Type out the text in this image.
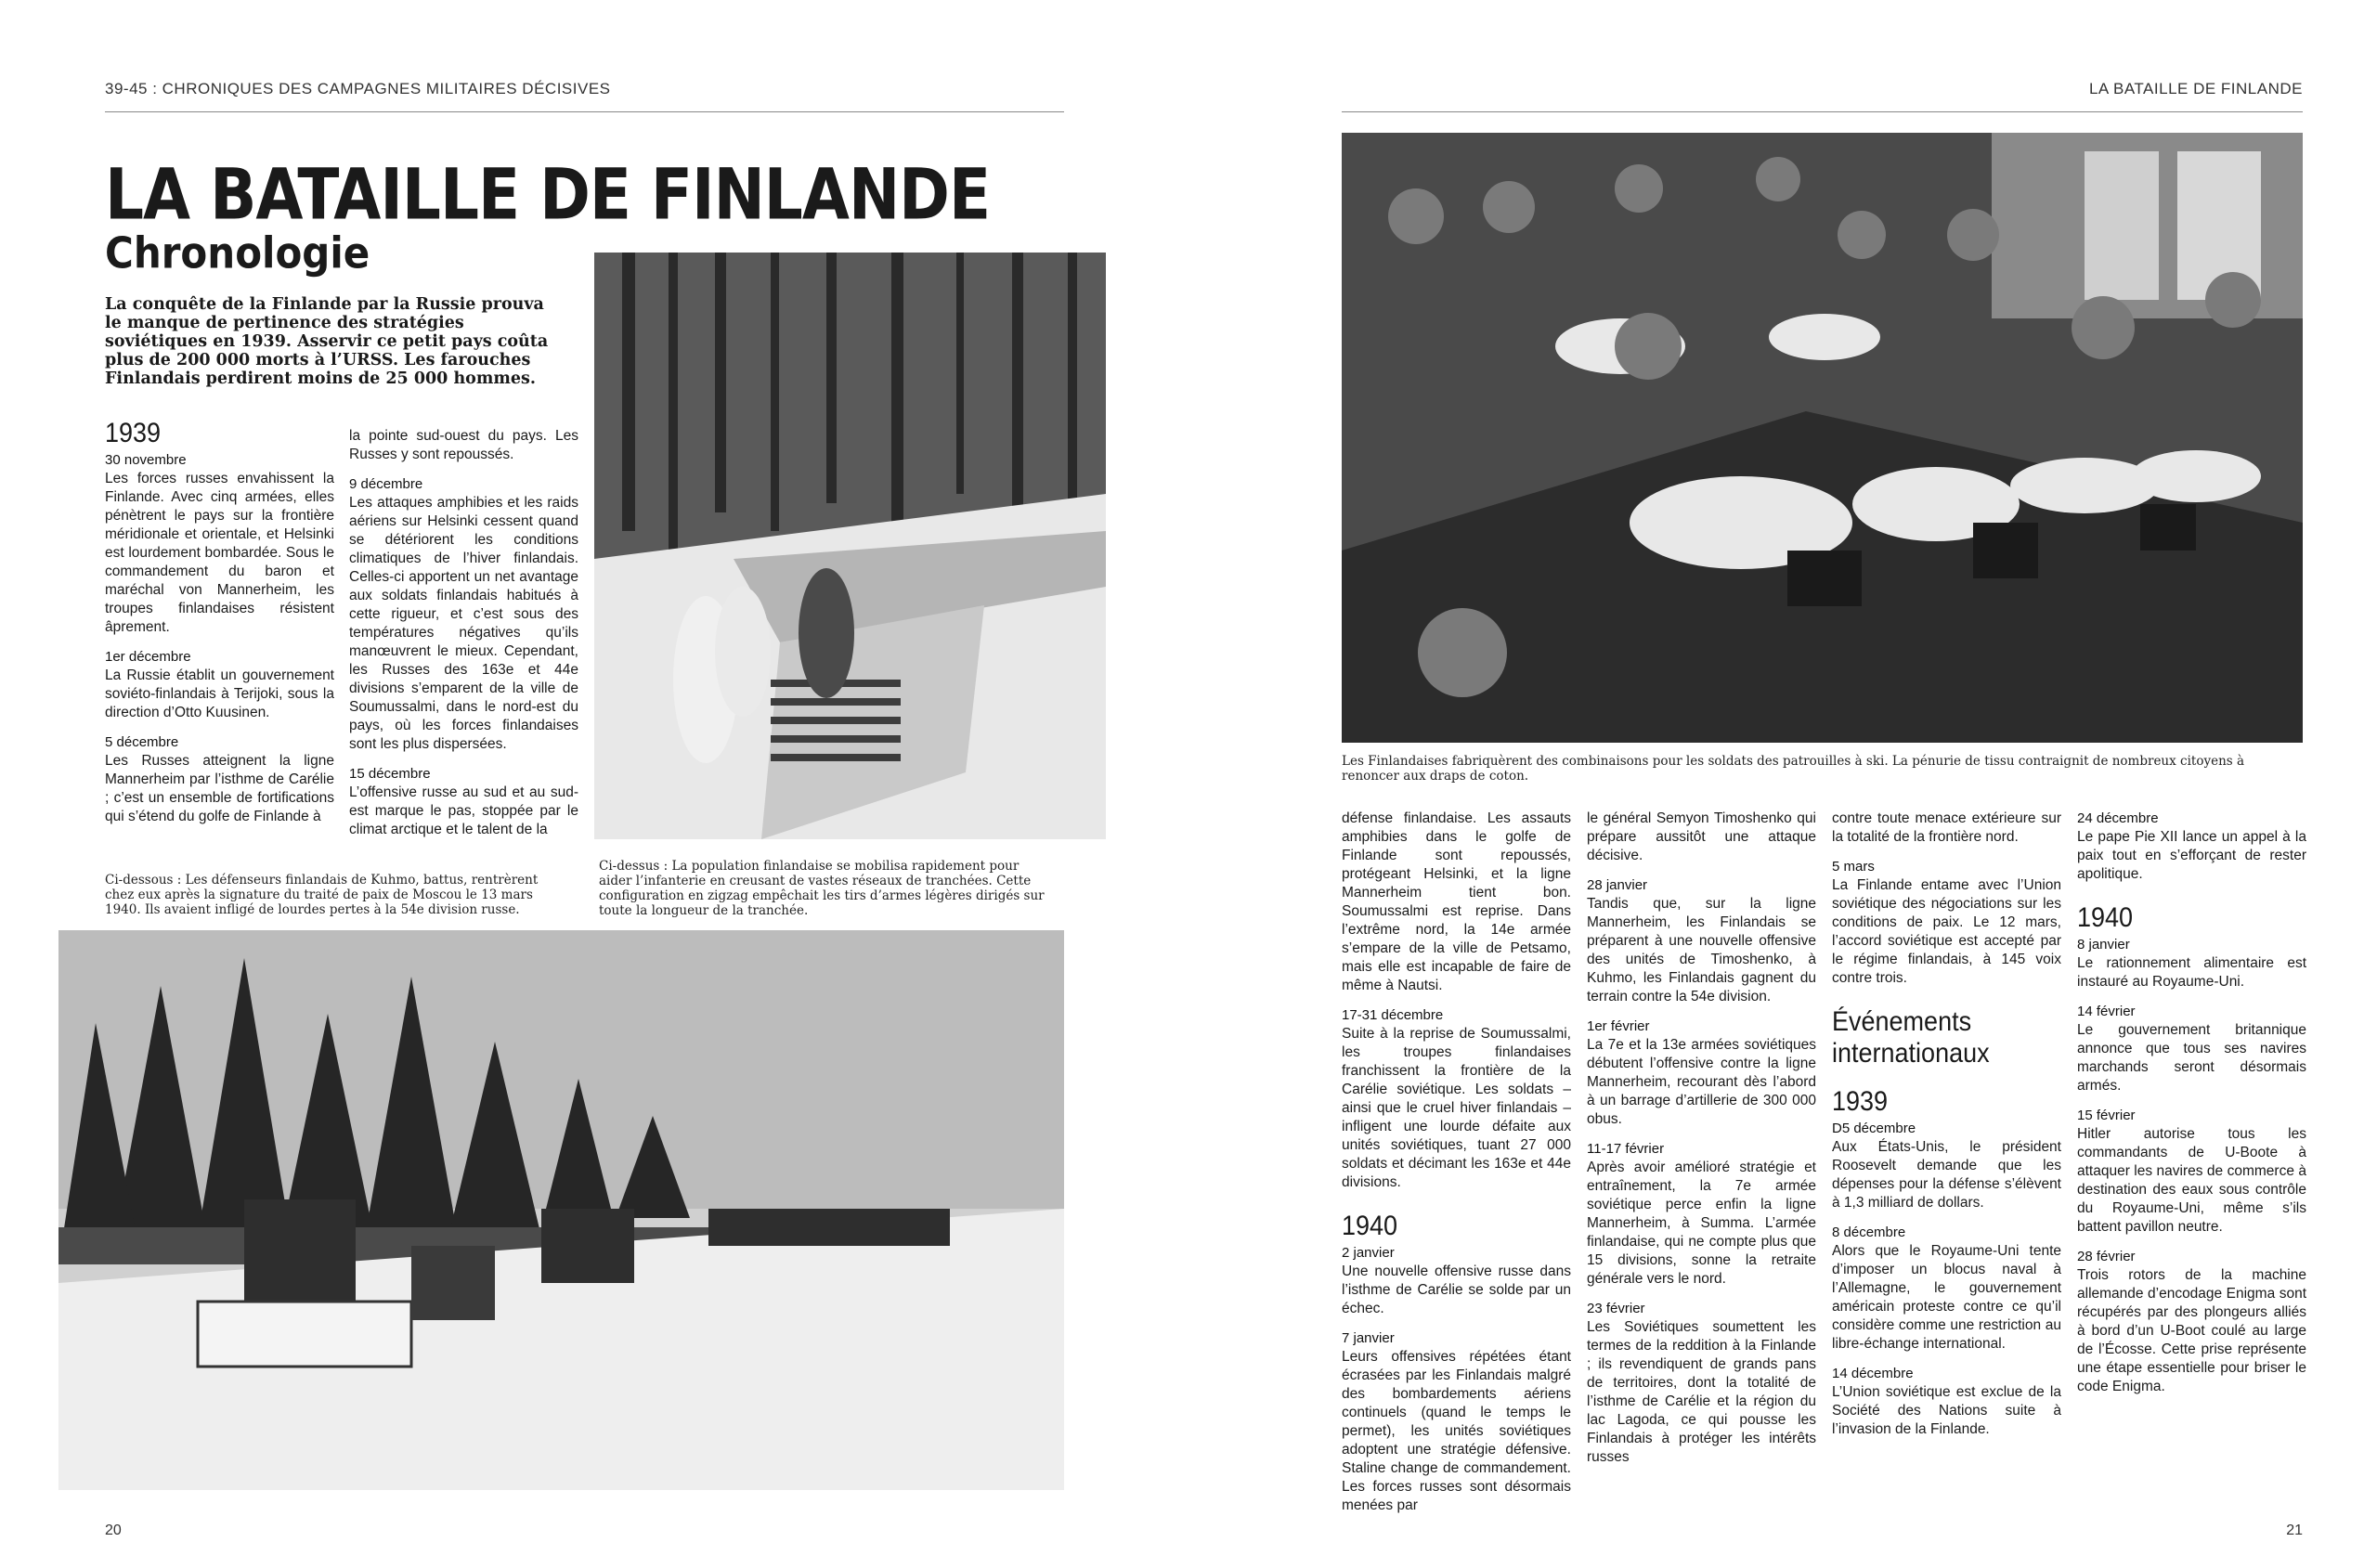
39-45 : CHRONIQUES DES CAMPAGNES MILITAIRES DÉCISIVES
LA BATAILLE DE FINLANDE
Chronologie
La conquête de la Finlande par la Russie prouva le manque de pertinence des stratégies soviétiques en 1939. Asservir ce petit pays coûta plus de 200 000 morts à l’URSS. Les farouches Finlandais perdirent moins de 25 000 hommes.
1939
30 novembre

Les forces russes envahissent la Finlande. Avec cinq armées, elles pénètrent le pays sur la frontière méridionale et orientale, et Helsinki est lourdement bombardée. Sous le commandement du baron et maréchal von Mannerheim, les troupes finlandaises résistent âprement.

1er décembre

La Russie établit un gouvernement soviéto-finlandais à Terijoki, sous la direction d’Otto Kuusinen.

5 décembre

Les Russes atteignent la ligne Mannerheim par l’isthme de Carélie ; c’est un ensemble de fortifications qui s’étend du golfe de Finlande à

la pointe sud-ouest du pays. Les Russes y sont repoussés.

9 décembre

Les attaques amphibies et les raids aériens sur Helsinki cessent quand se détériorent les conditions climatiques de l’hiver finlandais. Celles-ci apportent un net avantage aux soldats finlandais habitués à cette rigueur, et c’est sous des températures négatives qu’ils manœuvrent le mieux. Cependant, les Russes des 163e et 44e divisions s’emparent de la ville de Soumussalmi, dans le nord-est du pays, où les forces finlandaises sont les plus dispersées.

15 décembre

L’offensive russe au sud et au sud-est marque le pas, stoppée par le climat arctique et le talent de la

Ci-dessous : Les défenseurs finlandais de Kuhmo, battus, rentrèrent chez eux après la signature du traité de paix de Moscou le 13 mars 1940. Ils avaient infligé de lourdes pertes à la 54e division russe.
Ci-dessus : La population finlandaise se mobilisa rapidement pour aider l’infanterie en creusant de vastes réseaux de tranchées. Cette configuration en zigzag empêchait les tirs d’armes légères dirigés sur toute la longueur de la tranchée.
20
LA BATAILLE DE FINLANDE
Les Finlandaises fabriquèrent des combinaisons pour les soldats des patrouilles à ski. La pénurie de tissu contraignit de nombreux citoyens à renoncer aux draps de coton.

défense finlandaise. Les assauts amphibies dans le golfe de Finlande sont repoussés, protégeant Helsinki, et la ligne Mannerheim tient bon. Soumussalmi est reprise. Dans l’extrême nord, la 14e armée s’empare de la ville de Petsamo, mais elle est incapable de faire de même à Nautsi.

17-31 décembre

Suite à la reprise de Soumussalmi, les troupes finlandaises franchissent la frontière de la Carélie soviétique. Les soldats – ainsi que le cruel hiver finlandais – infligent une lourde défaite aux unités soviétiques, tuant 27 000 soldats et décimant les 163e et 44e divisions.

1940
2 janvier

Une nouvelle offensive russe dans l’isthme de Carélie se solde par un échec.

7 janvier

Leurs offensives répétées étant écrasées par les Finlandais malgré des bombardements aériens continuels (quand le temps le permet), les unités soviétiques adoptent une stratégie défensive. Staline change de commandement. Les forces russes sont désormais menées par

le général Semyon Timoshenko qui prépare aussitôt une attaque décisive.

28 janvier

Tandis que, sur la ligne Mannerheim, les Finlandais se préparent à une nouvelle offensive des unités de Timoshenko, à Kuhmo, les Finlandais gagnent du terrain contre la 54e division.

1er février

La 7e et la 13e armées soviétiques débutent l’offensive contre la ligne Mannerheim, recourant dès l’abord à un barrage d’artillerie de 300 000 obus.

11-17 février

Après avoir amélioré stratégie et entraînement, la 7e armée soviétique perce enfin la ligne Mannerheim, à Summa. L’armée finlandaise, qui ne compte plus que 15 divisions, sonne la retraite générale vers le nord.

23 février

Les Soviétiques soumettent les termes de la reddition à la Finlande ; ils revendiquent de grands pans de territoires, dont la totalité de l’isthme de Carélie et la région du lac Lagoda, ce qui pousse les Finlandais à protéger les intérêts russes

contre toute menace extérieure sur la totalité de la frontière nord.

5 mars

La Finlande entame avec l’Union soviétique des négociations sur les conditions de paix. Le 12 mars, l’accord soviétique est accepté par le régime finlandais, à 145 voix contre trois.

Événements internationaux
1939
D5 décembre

Aux États-Unis, le président Roosevelt demande que les dépenses pour la défense s’élèvent à 1,3 milliard de dollars.

8 décembre

Alors que le Royaume-Uni tente d’imposer un blocus naval à l’Allemagne, le gouvernement américain proteste contre ce qu’il considère comme une restriction au libre-échange international.

14 décembre

L’Union soviétique est exclue de la Société des Nations suite à l’invasion de la Finlande.

24 décembre

Le pape Pie XII lance un appel à la paix tout en s’efforçant de rester apolitique.

1940
8 janvier

Le rationnement alimentaire est instauré au Royaume-Uni.

14 février

Le gouvernement britannique annonce que tous ses navires marchands seront désormais armés.

15 février

Hitler autorise tous les commandants de U-Boote à attaquer les navires de commerce à destination des eaux sous contrôle du Royaume-Uni, même s’ils battent pavillon neutre.

28 février

Trois rotors de la machine allemande d’encodage Enigma sont récupérés par des plongeurs alliés à bord d’un U-Boot coulé au large de l’Écosse. Cette prise représente une étape essentielle pour briser le code Enigma.

21
